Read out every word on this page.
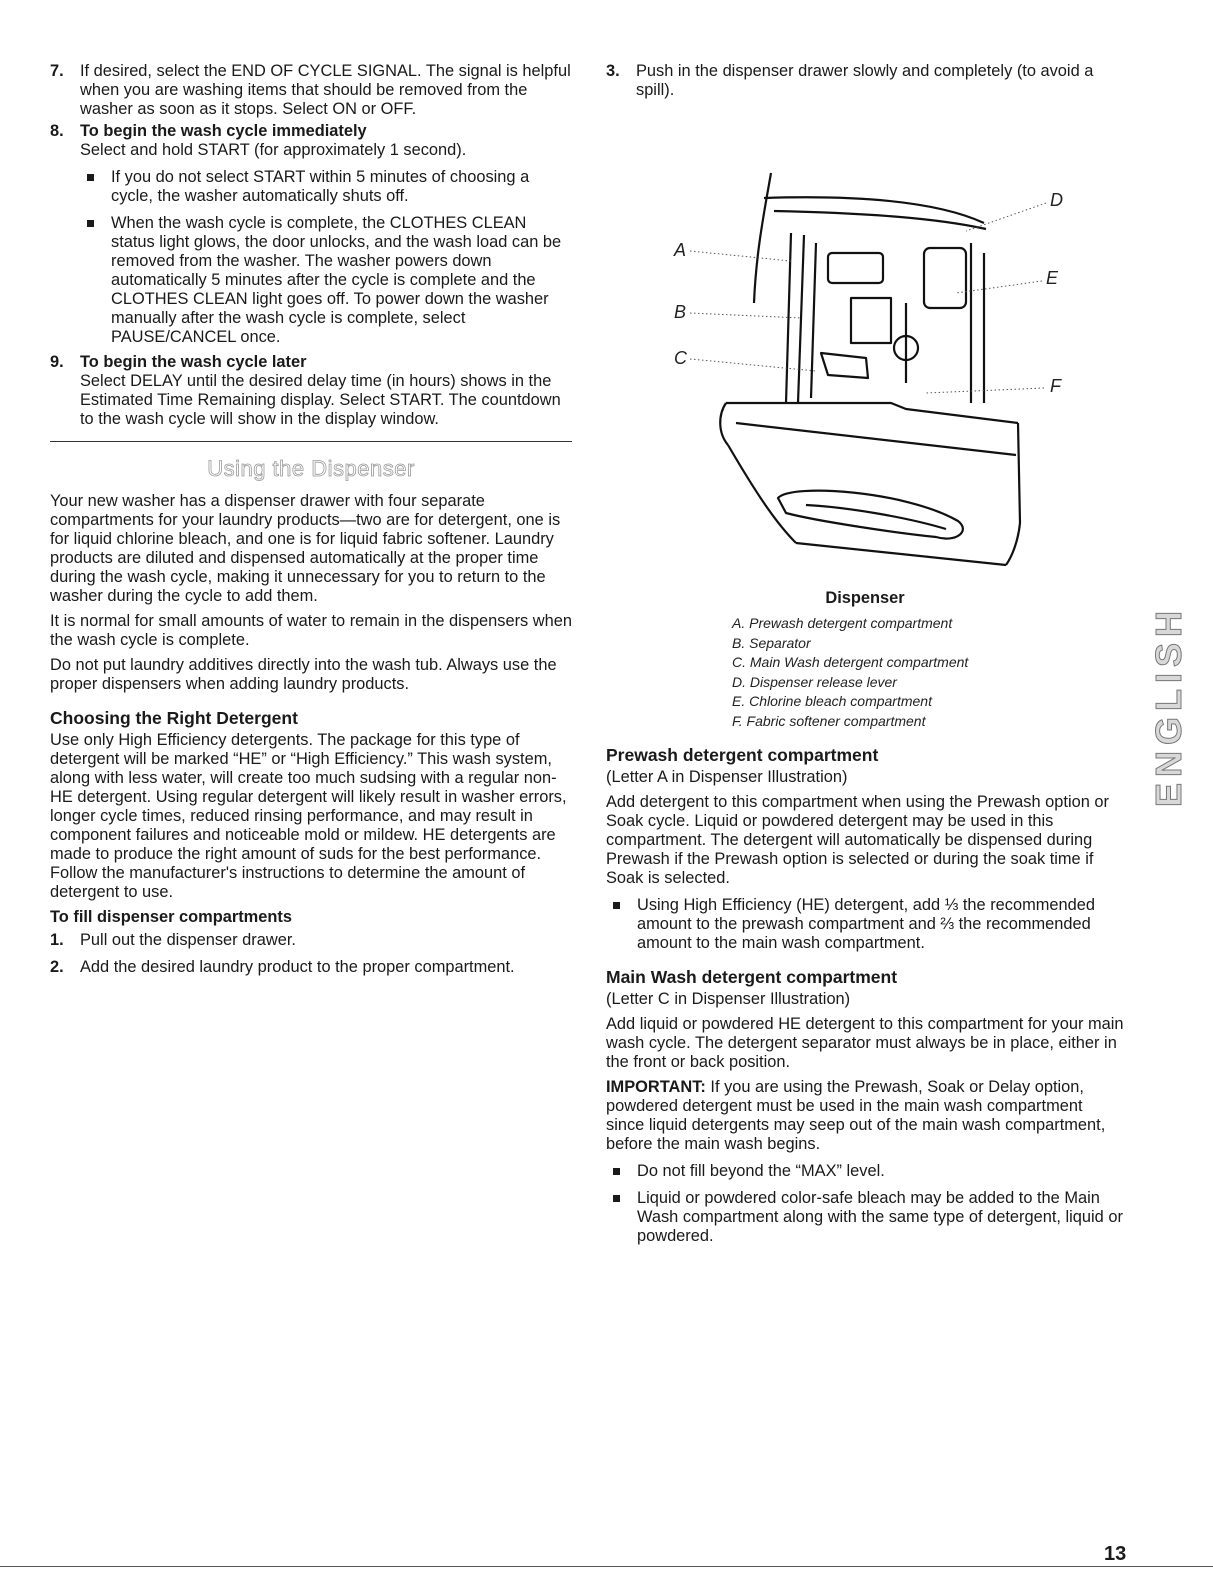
7. If desired, select the END OF CYCLE SIGNAL. The signal is helpful when you are washing items that should be removed from the washer as soon as it stops. Select ON or OFF.
8. To begin the wash cycle immediately
Select and hold START (for approximately 1 second).
If you do not select START within 5 minutes of choosing a cycle, the washer automatically shuts off.
When the wash cycle is complete, the CLOTHES CLEAN status light glows, the door unlocks, and the wash load can be removed from the washer. The washer powers down automatically 5 minutes after the cycle is complete and the CLOTHES CLEAN light goes off. To power down the washer manually after the wash cycle is complete, select PAUSE/CANCEL once.
9. To begin the wash cycle later
Select DELAY until the desired delay time (in hours) shows in the Estimated Time Remaining display. Select START. The countdown to the wash cycle will show in the display window.
Using the Dispenser

Your new washer has a dispenser drawer with four separate compartments for your laundry products—two are for detergent, one is for liquid chlorine bleach, and one is for liquid fabric softener. Laundry products are diluted and dispensed automatically at the proper time during the wash cycle, making it unnecessary for you to return to the washer during the cycle to add them.

It is normal for small amounts of water to remain in the dispensers when the wash cycle is complete.

Do not put laundry additives directly into the wash tub. Always use the proper dispensers when adding laundry products.

Choosing the Right Detergent

Use only High Efficiency detergents. The package for this type of detergent will be marked “HE” or “High Efficiency.” This wash system, along with less water, will create too much sudsing with a regular non-HE detergent. Using regular detergent will likely result in washer errors, longer cycle times, reduced rinsing performance, and may result in component failures and noticeable mold or mildew. HE detergents are made to produce the right amount of suds for the best performance. Follow the manufacturer's instructions to determine the amount of detergent to use.

To fill dispenser compartments
1. Pull out the dispenser drawer.
2. Add the desired laundry product to the proper compartment.
3. Push in the dispenser drawer slowly and completely (to avoid a spill).
A
B
C
D
E
F
Dispenser
A. Prewash detergent compartment
B. Separator
C. Main Wash detergent compartment
D. Dispenser release lever
E. Chlorine bleach compartment
F. Fabric softener compartment
Prewash detergent compartment

(Letter A in Dispenser Illustration)

Add detergent to this compartment when using the Prewash option or Soak cycle. Liquid or powdered detergent may be used in this compartment. The detergent will automatically be dispensed during Prewash if the Prewash option is selected or during the soak time if Soak is selected.

Using High Efficiency (HE) detergent, add ⅓ the recommended amount to the prewash compartment and ⅔ the recommended amount to the main wash compartment.
Main Wash detergent compartment

(Letter C in Dispenser Illustration)

Add liquid or powdered HE detergent to this compartment for your main wash cycle. The detergent separator must always be in place, either in the front or back position.

IMPORTANT: If you are using the Prewash, Soak or Delay option, powdered detergent must be used in the main wash compartment since liquid detergents may seep out of the main wash compartment, before the main wash begins.

Do not fill beyond the “MAX” level.
Liquid or powdered color-safe bleach may be added to the Main Wash compartment along with the same type of detergent, liquid or powdered.
ENGLISH
13
